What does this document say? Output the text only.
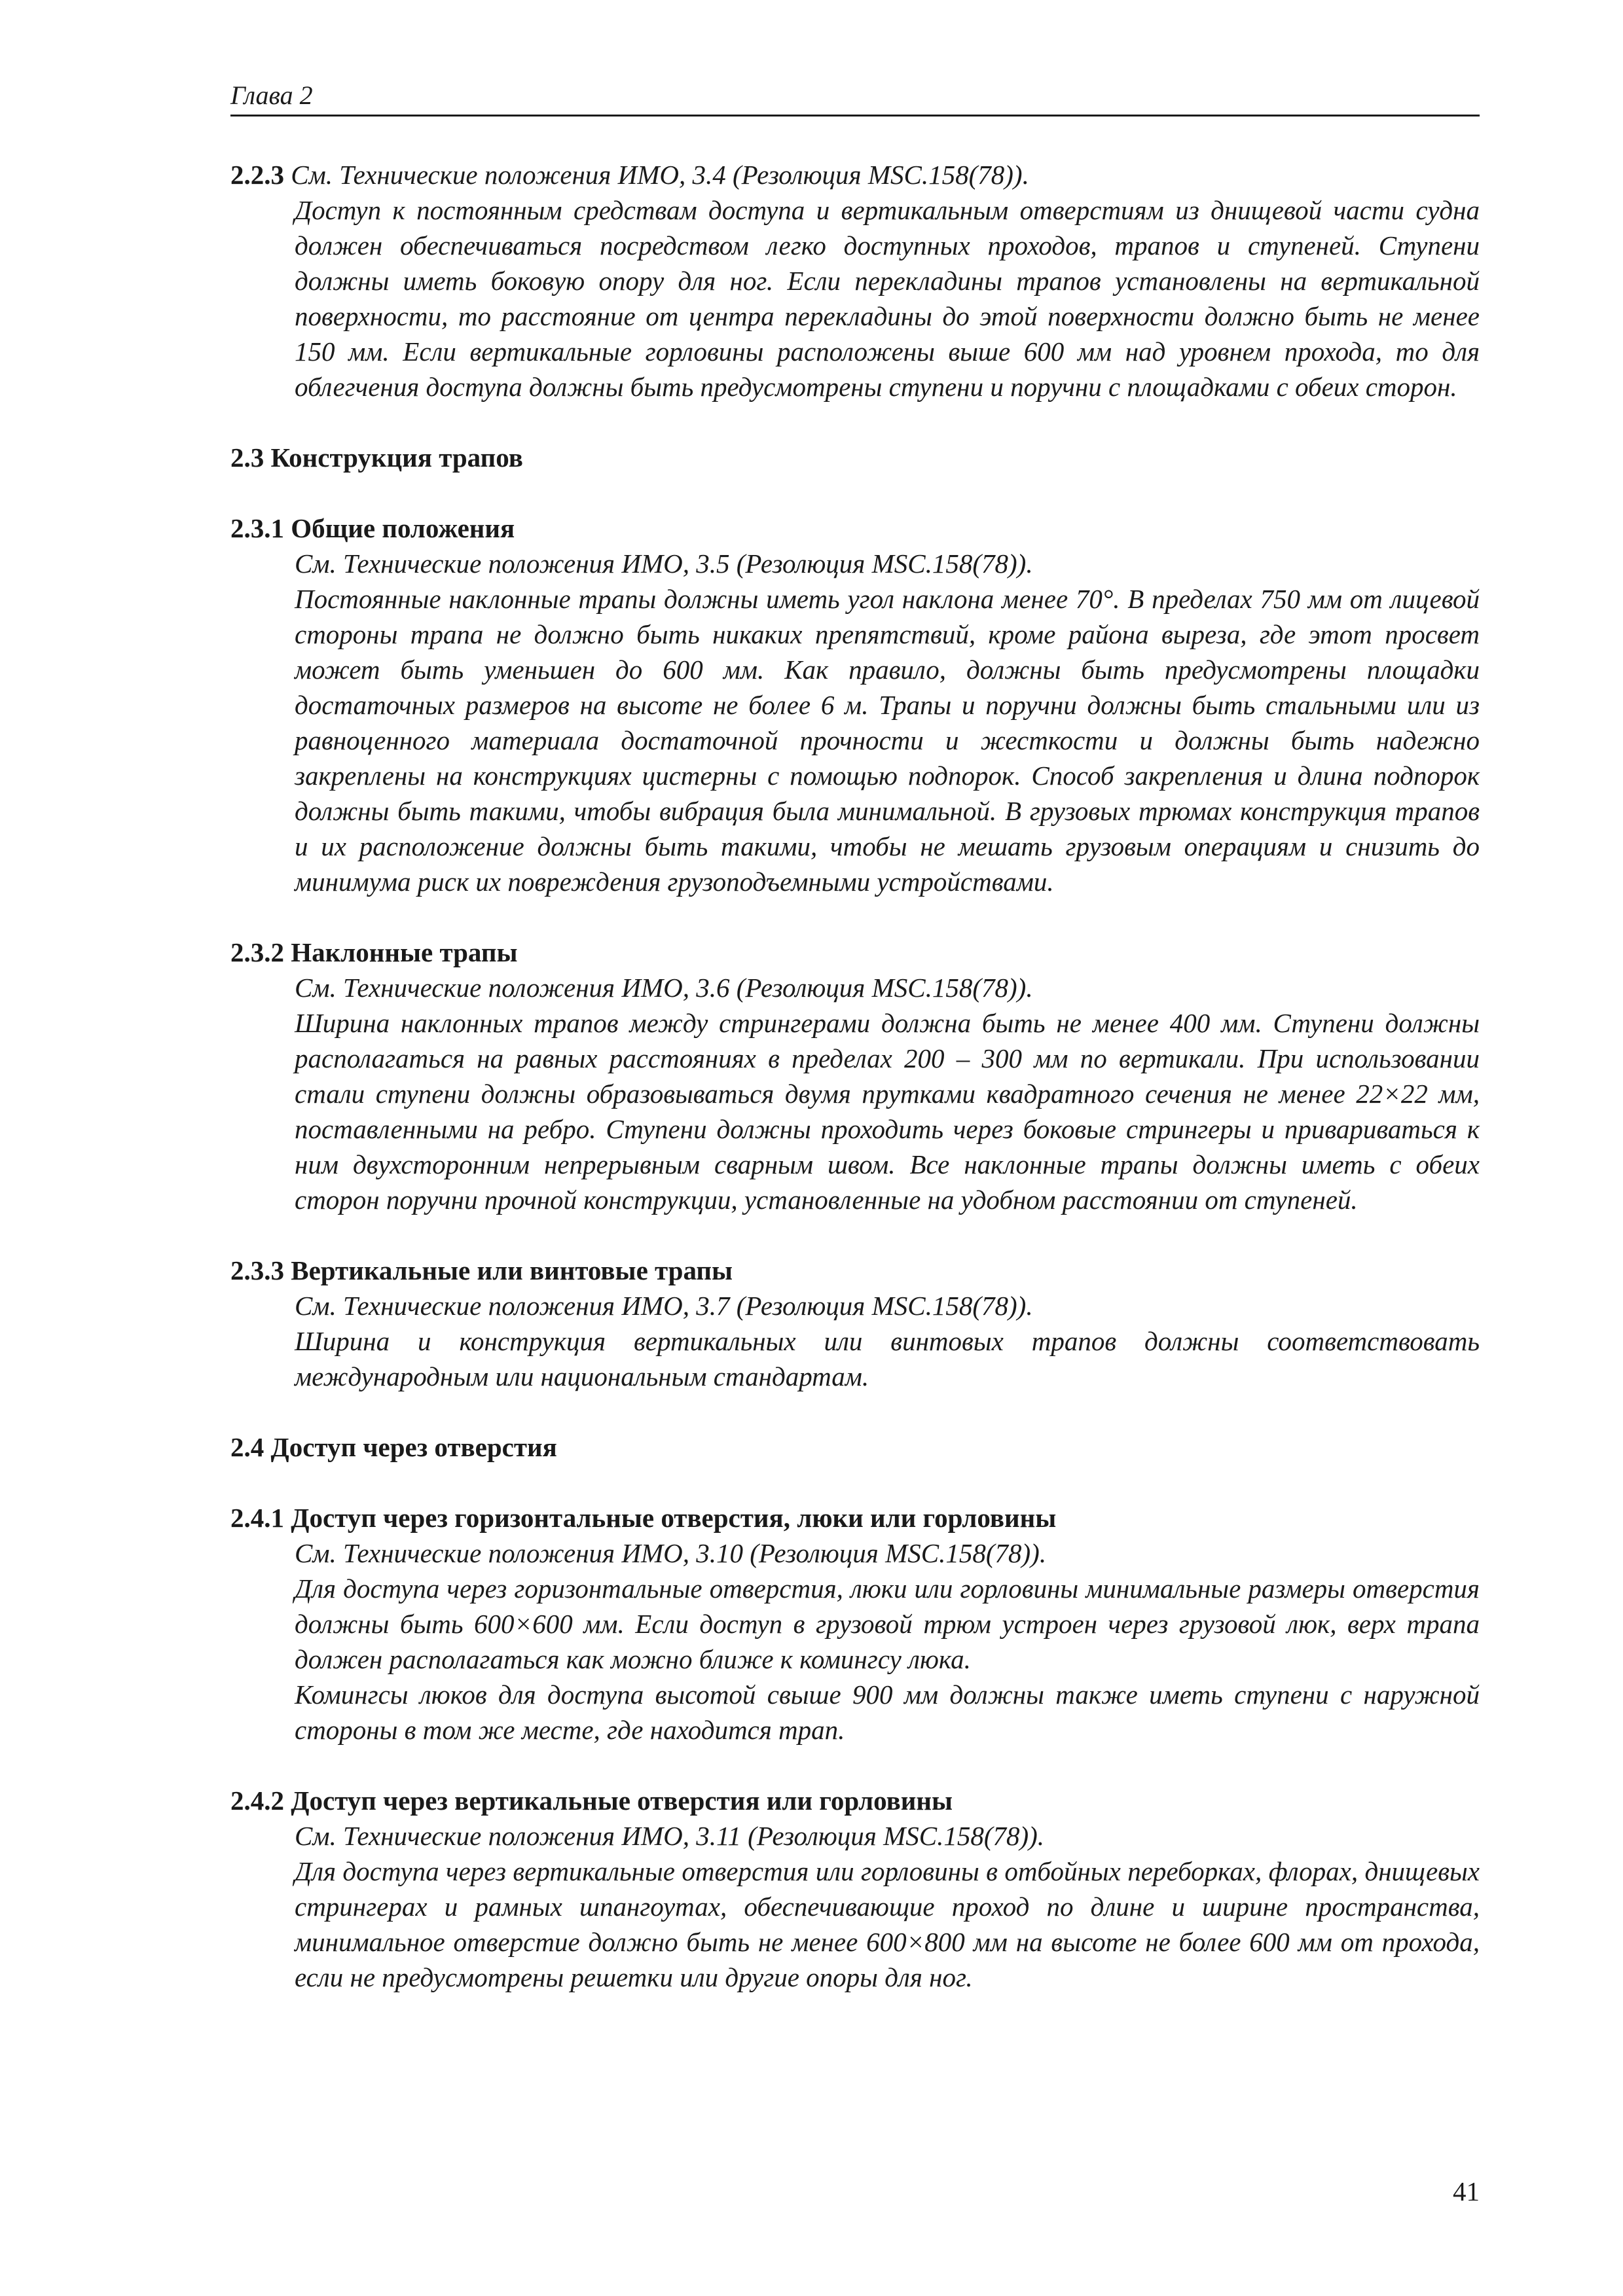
Глава 2

2.2.3 См. Технические положения ИМО, 3.4 (Резолюция MSC.158(78)).

Доступ к постоянным средствам доступа и вертикальным отверстиям из днищевой части судна должен обеспечиваться посредством легко доступных проходов, трапов и ступеней. Ступени должны иметь боковую опору для ног. Если перекладины трапов установлены на вертикальной поверхности, то расстояние от центра перекладины до этой поверхности должно быть не менее 150 мм. Если вертикальные горловины расположены выше 600 мм над уровнем прохода, то для облегчения доступа должны быть предусмотрены ступени и поручни с площадками с обеих сторон.

2.3 Конструкция трапов

2.3.1 Общие положения

См. Технические положения ИМО, 3.5 (Резолюция MSC.158(78)).

Постоянные наклонные трапы должны иметь угол наклона менее 70°. В пределах 750 мм от лицевой стороны трапа не должно быть никаких препятствий, кроме района выреза, где этот просвет может быть уменьшен до 600 мм. Как правило, должны быть предусмотрены площадки достаточных размеров на высоте не более 6 м. Трапы и поручни должны быть стальными или из равноценного материала достаточной прочности и жесткости и должны быть надежно закреплены на конструкциях цистерны с помощью подпорок. Способ закрепления и длина подпорок должны быть такими, чтобы вибрация была минимальной. В грузовых трюмах конструкция трапов и их расположение должны быть такими, чтобы не мешать грузовым операциям и снизить до минимума риск их повреждения грузоподъемными устройствами.

2.3.2 Наклонные трапы

См. Технические положения ИМО, 3.6 (Резолюция MSC.158(78)).

Ширина наклонных трапов между стрингерами должна быть не менее 400 мм. Ступени должны располагаться на равных расстояниях в пределах 200 – 300 мм по вертикали. При использовании стали ступени должны образовываться двумя прутками квадратного сечения не менее 22×22 мм, поставленными на ребро. Ступени должны проходить через боковые стрингеры и привариваться к ним двухсторонним непрерывным сварным швом. Все наклонные трапы должны иметь с обеих сторон поручни прочной конструкции, установленные на удобном расстоянии от ступеней.

2.3.3 Вертикальные или винтовые трапы

См. Технические положения ИМО, 3.7 (Резолюция MSC.158(78)).

Ширина и конструкция вертикальных или винтовых трапов должны соответствовать международным или национальным стандартам.

2.4 Доступ через отверстия

2.4.1 Доступ через горизонтальные отверстия, люки или горловины

См. Технические положения ИМО, 3.10 (Резолюция MSC.158(78)).

Для доступа через горизонтальные отверстия, люки или горловины минимальные размеры отверстия должны быть 600×600 мм. Если доступ в грузовой трюм устроен через грузовой люк, верх трапа должен располагаться как можно ближе к комингсу люка.

Комингсы люков для доступа высотой свыше 900 мм должны также иметь ступени с наружной стороны в том же месте, где находится трап.

2.4.2 Доступ через вертикальные отверстия или горловины

См. Технические положения ИМО, 3.11 (Резолюция MSC.158(78)).

Для доступа через вертикальные отверстия или горловины в отбойных переборках, флорах, днищевых стрингерах и рамных шпангоутах, обеспечивающие проход по длине и ширине пространства, минимальное отверстие должно быть не менее 600×800 мм на высоте не более 600 мм от прохода, если не предусмотрены решетки или другие опоры для ног.

41
